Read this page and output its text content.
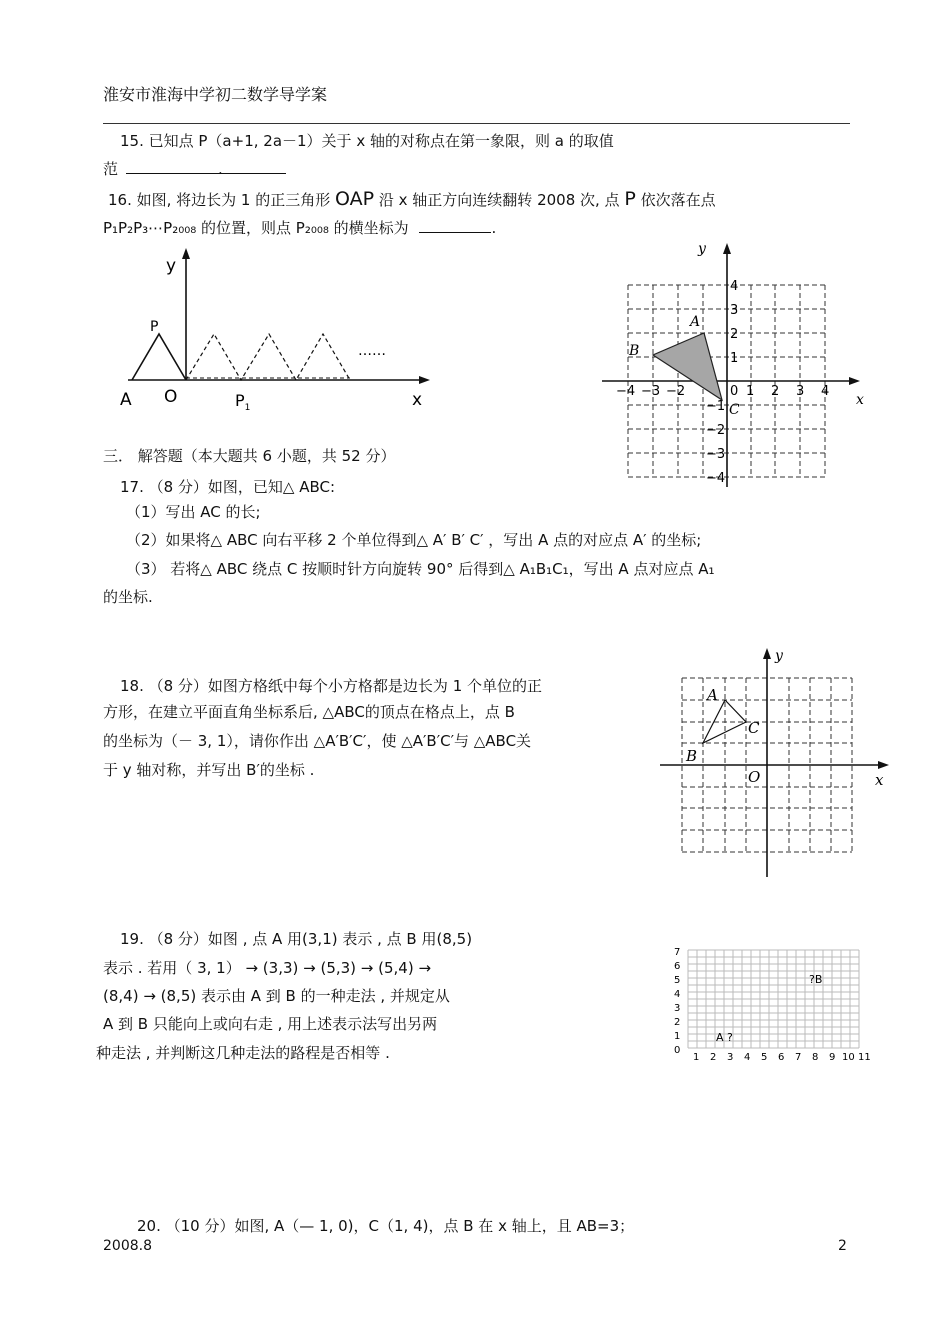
淮安市淮海中学初二数学导学案
15. 已知点 P（a+1, 2a－1）关于 x 轴的对称点在第一象限，则 a 的取值
范	.
16. 如图, 将边长为 1 的正三角形 OAP 沿 x 轴正方向连续翻转 2008 次, 点 P 依次落在点
P₁P₂P₃⋯P₂₀₀₈ 的位置，则点 P₂₀₀₈ 的横坐标为	.
y
P
……
A O	$P_1$	x
y
x
A
B
C
−4 −3 −2	0 1 2 3 4
4
3
2
1
−1
−2
−3
−4
三． 解答题（本大题共 6 小题，共 52 分）
17. （8 分）如图，已知△ ABC:
（1）写出 AC 的长;
（2）如果将△ ABC 向右平移 2 个单位得到△ A′ B′ C′ ，写出 A 点的对应点 A′ 的坐标;
（3） 若将△ ABC 绕点 C 按顺时针方向旋转 90° 后得到△ A₁B₁C₁，写出 A 点对应点 A₁
的坐标.
18. （8 分）如图方格纸中每个小方格都是边长为 1 个单位的正
方形，在建立平面直角坐标系后, △ABC的顶点在格点上，点 B
的坐标为（－ 3, 1），请你作出 △A′B′C′，使 △A′B′C′与 △ABC关
于 y 轴对称，并写出 B′的坐标 .
y
x
A
B
C
O
19. （8 分）如图 , 点 A 用(3,1) 表示 , 点 B 用(8,5)
表示 . 若用（ 3, 1） → (3,3) → (5,3) → (5,4) →
(8,4) → (8,5) 表示由 A 到 B 的一种走法 , 并规定从
A 到 B 只能向上或向右走 , 用上述表示法写出另两
种走法 , 并判断这几种走法的路程是否相等 .	0
1
2
3
4
5
6
7
1 2 3 4 5 6 7 8 9 10 11
A ?
?B
20. （10 分）如图, A（— 1, 0)，C（1, 4)，点 B 在 x 轴上，且 AB=3；
2008.8	2
